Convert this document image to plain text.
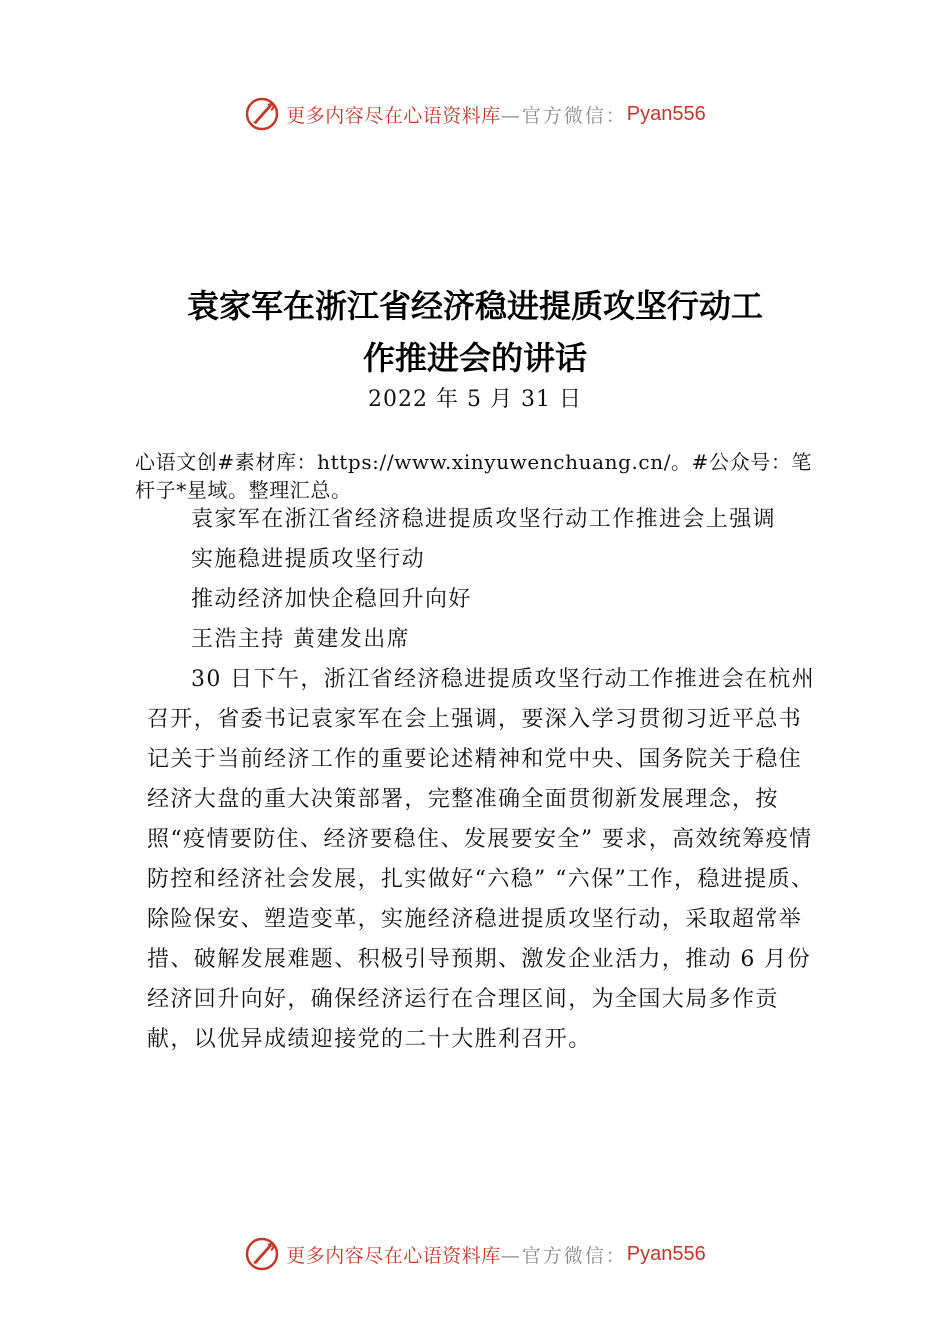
更多内容尽在心语资料库 —官方微信： Pyan556
袁家军在浙江省经济稳进提质攻坚行动工
作推进会的讲话
2022 年 5 月 31 日
心语文创#素材库：https://www.xinyuwenchuang.cn/。#公众号：笔杆子*星域。整理汇总。

袁家军在浙江省经济稳进提质攻坚行动工作推进会上强调

实施稳进提质攻坚行动

推动经济加快企稳回升向好

王浩主持 黄建发出席

30 日下午，浙江省经济稳进提质攻坚行动工作推进会在杭州召开，省委书记袁家军在会上强调，要深入学习贯彻习近平总书记关于当前经济工作的重要论述精神和党中央、国务院关于稳住经济大盘的重大决策部署，完整准确全面贯彻新发展理念，按照“疫情要防住、经济要稳住、发展要安全” 要求，高效统筹疫情防控和经济社会发展，扎实做好“六稳” “六保”工作，稳进提质、除险保安、塑造变革，实施经济稳进提质攻坚行动，采取超常举措、破解发展难题、积极引导预期、激发企业活力，推动 6 月份经济回升向好，确保经济运行在合理区间，为全国大局多作贡献，以优异成绩迎接党的二十大胜利召开。

更多内容尽在心语资料库 —官方微信： Pyan556
